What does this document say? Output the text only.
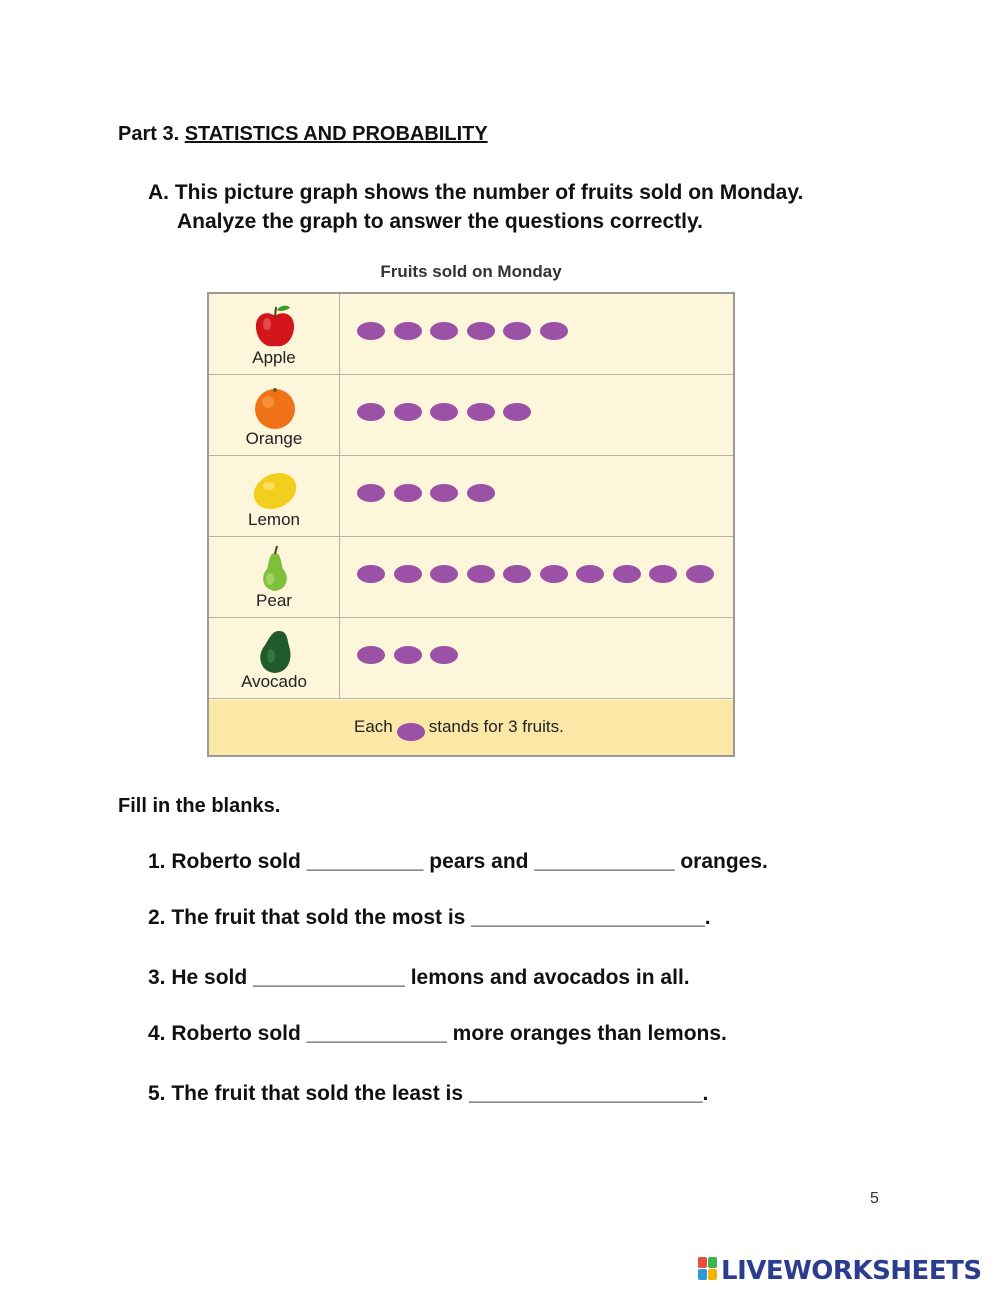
Part 3. STATISTICS AND PROBABILITY
A. This picture graph shows the number of fruits sold on Monday.
Analyze the graph to answer the questions correctly.
Fruits sold on Monday
Apple
Orange
Lemon
Pear
Avocado
Each stands for 3 fruits.
Fill in the blanks.
1. Roberto sold __________ pears and ____________ oranges.
2. The fruit that sold the most is ____________________.
3. He sold _____________ lemons and avocados in all.
4. Roberto sold ____________ more oranges than lemons.
5. The fruit that sold the least is ____________________.
5
LIVEWORKSHEETS
